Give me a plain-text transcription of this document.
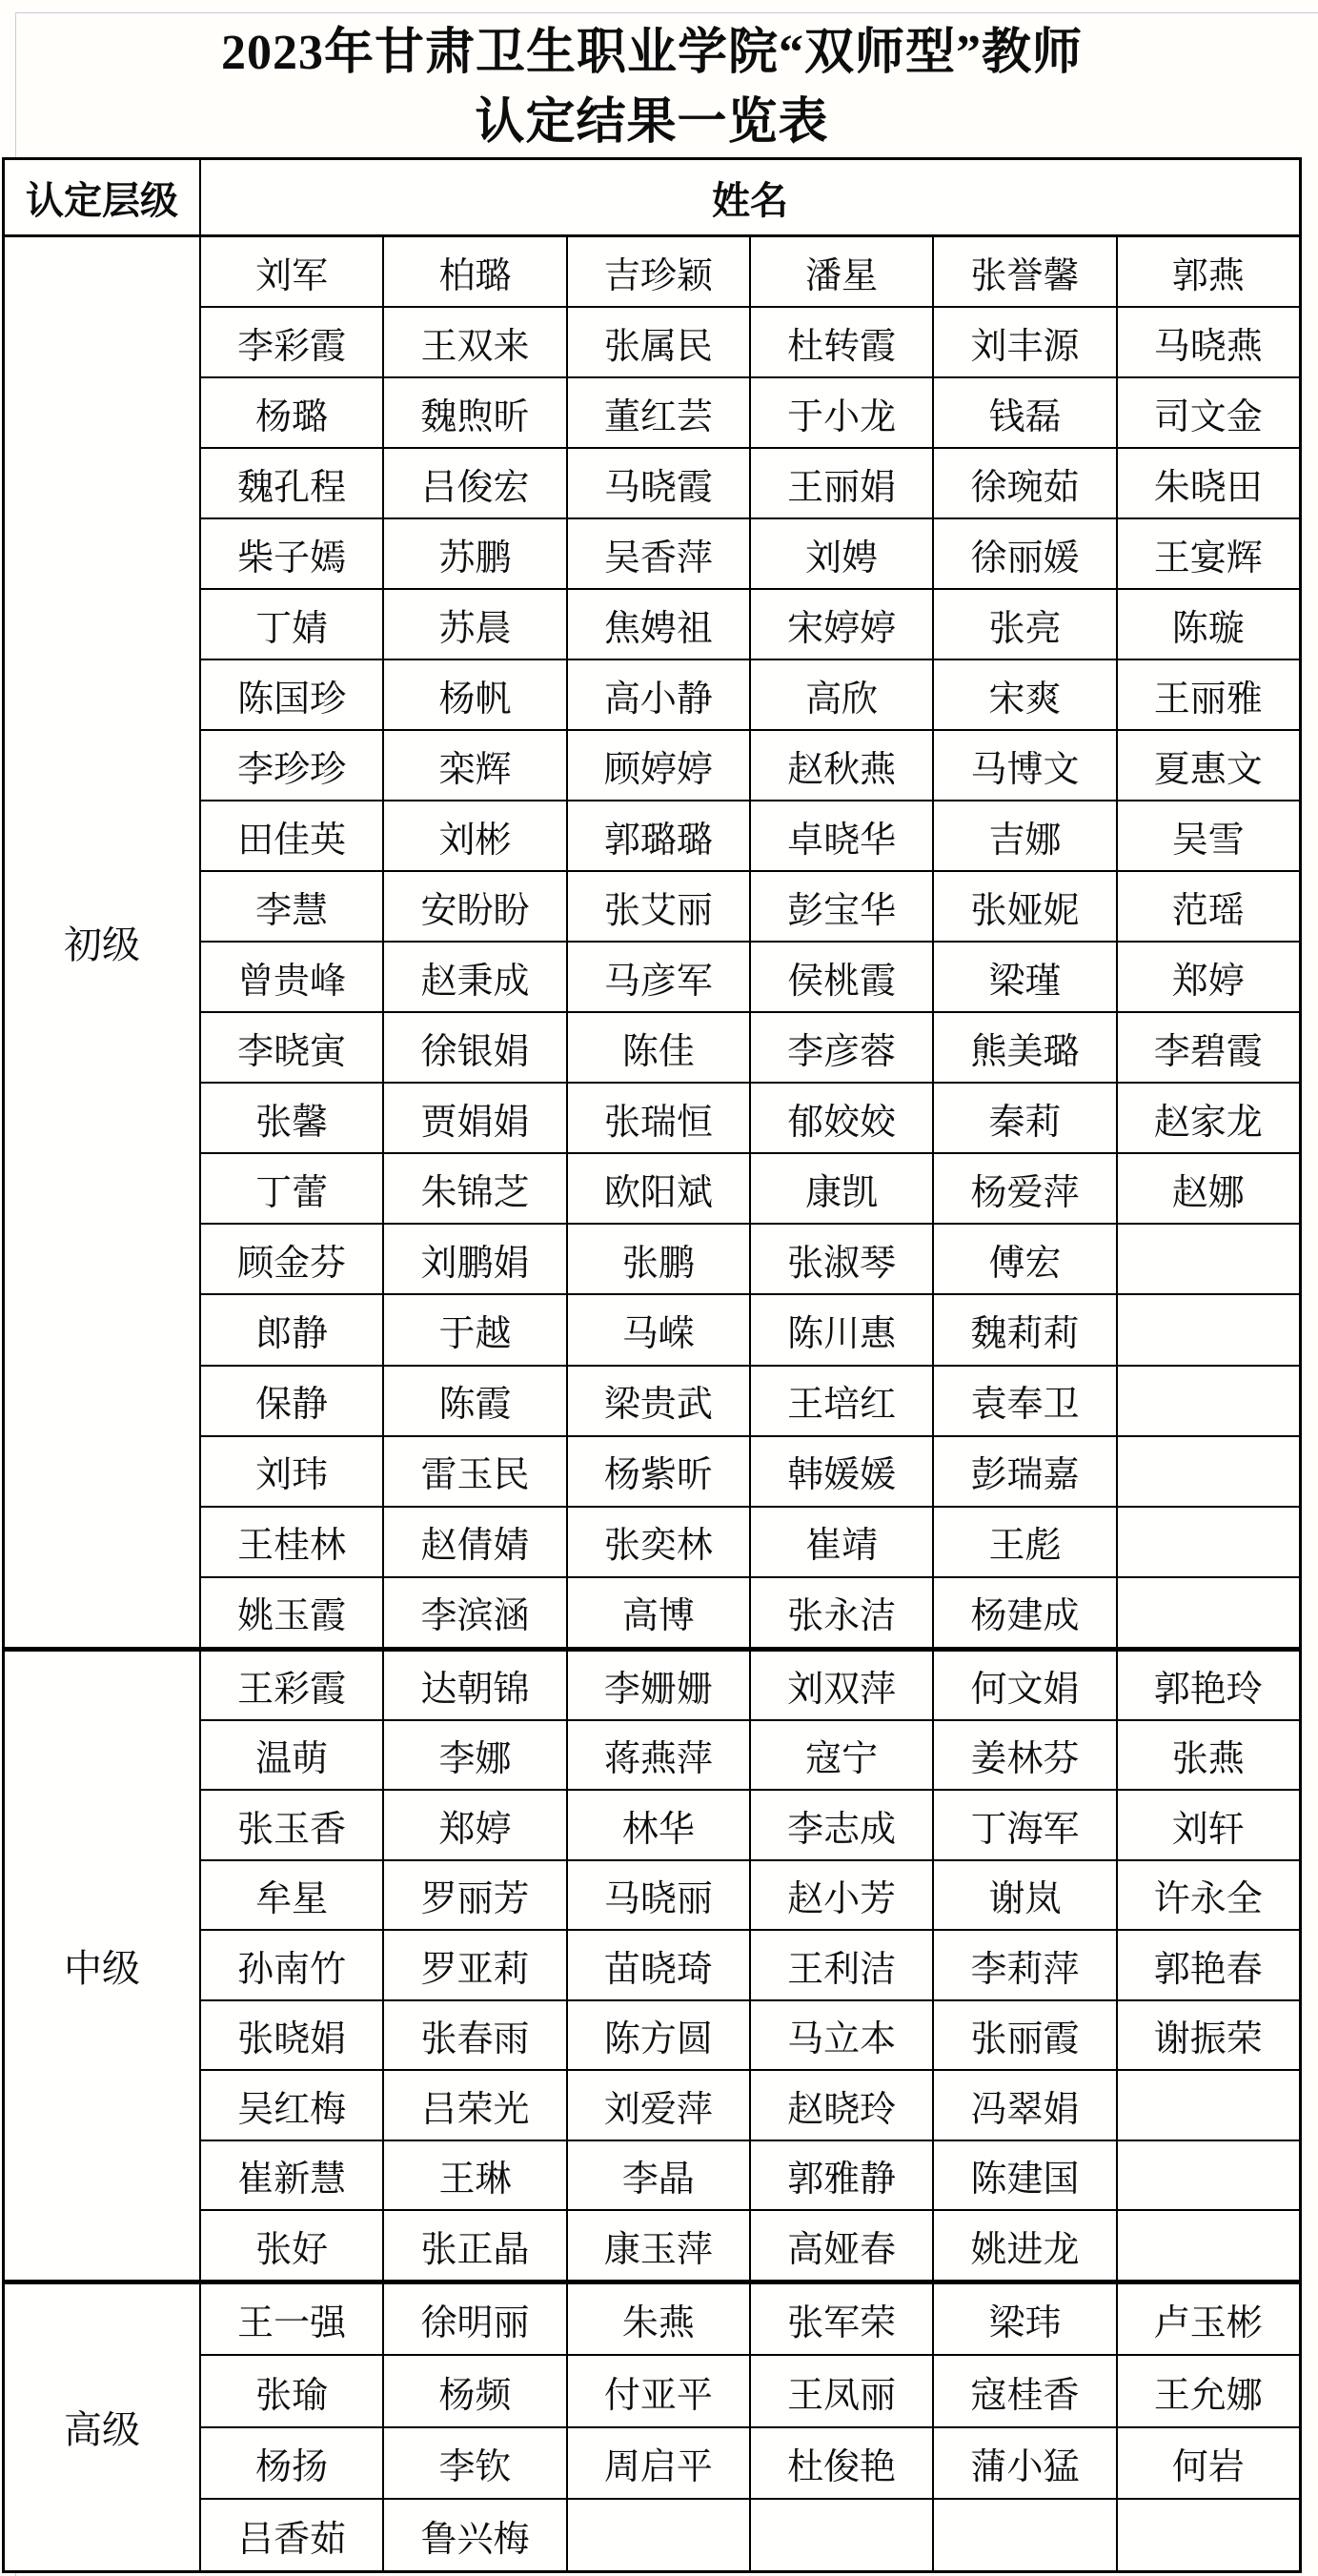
2023年甘肃卫生职业学院“双师型”教师
认定结果一览表
认定层级	姓名
初级
刘军	柏璐	吉珍颖	潘星	张誉馨	郭燕
李彩霞	王双来	张属民	杜转霞	刘丰源	马晓燕
杨璐	魏煦昕	董红芸	于小龙	钱磊	司文金
魏孔程	吕俊宏	马晓霞	王丽娟	徐琬茹	朱晓田
柴子嫣	苏鹏	吴香萍	刘娉	徐丽媛	王宴辉
丁婧	苏晨	焦娉祖	宋婷婷	张亮	陈璇
陈国珍	杨帆	高小静	高欣	宋爽	王丽雅
李珍珍	栾辉	顾婷婷	赵秋燕	马博文	夏惠文
田佳英	刘彬	郭璐璐	卓晓华	吉娜	吴雪
李慧	安盼盼	张艾丽	彭宝华	张娅妮	范瑶
曾贵峰	赵秉成	马彦军	侯桃霞	梁瑾	郑婷
李晓寅	徐银娟	陈佳	李彦蓉	熊美璐	李碧霞
张馨	贾娟娟	张瑞恒	郁姣姣	秦莉	赵家龙
丁蕾	朱锦芝	欧阳斌	康凯	杨爱萍	赵娜
顾金芬	刘鹏娟	张鹏	张淑琴	傅宏
郎静	于越	马嵘	陈川惠	魏莉莉
保静	陈霞	梁贵武	王培红	袁奉卫
刘玮	雷玉民	杨紫昕	韩媛媛	彭瑞嘉
王桂林	赵倩婧	张奕林	崔靖	王彪
姚玉霞	李滨涵	高博	张永洁	杨建成
中级
王彩霞	达朝锦	李姗姗	刘双萍	何文娟	郭艳玲
温萌	李娜	蒋燕萍	寇宁	姜林芬	张燕
张玉香	郑婷	林华	李志成	丁海军	刘轩
牟星	罗丽芳	马晓丽	赵小芳	谢岚	许永全
孙南竹	罗亚莉	苗晓琦	王利洁	李莉萍	郭艳春
张晓娟	张春雨	陈方圆	马立本	张丽霞	谢振荣
吴红梅	吕荣光	刘爱萍	赵晓玲	冯翠娟
崔新慧	王琳	李晶	郭雅静	陈建国
张好	张正晶	康玉萍	高娅春	姚进龙
高级
王一强	徐明丽	朱燕	张军荣	梁玮	卢玉彬
张瑜	杨频	付亚平	王凤丽	寇桂香	王允娜
杨扬	李钦	周启平	杜俊艳	蒲小猛	何岩
吕香茹	鲁兴梅
